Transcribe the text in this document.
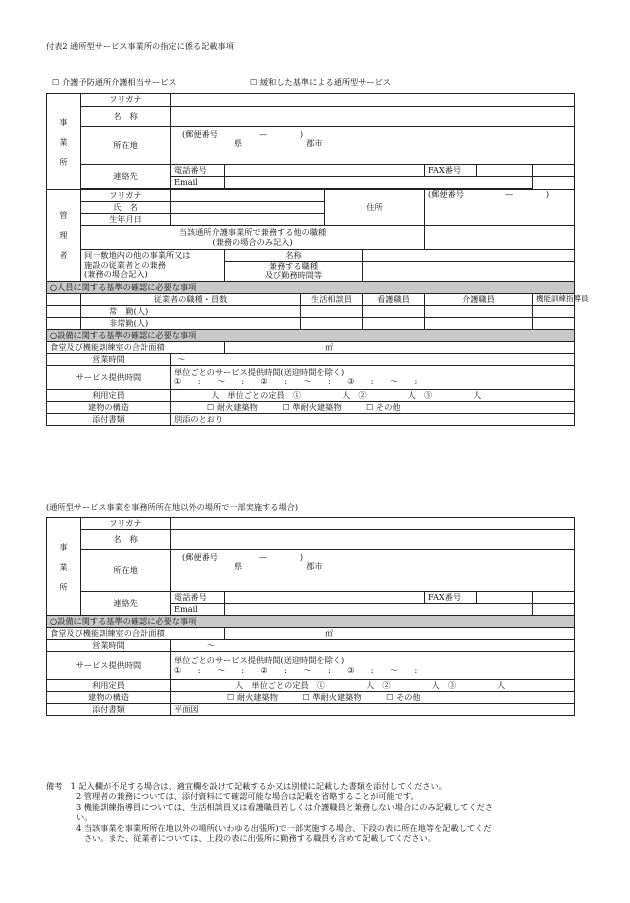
付表2 通所型サービス事業所の指定に係る記載事項
☐ 介護予防通所介護相当サービス	☐ 緩和した基準による通所型サービス
事
業
所	フリガナ								
	名　称								
	所在地	(郵便番号　　　　　—　　　　)
県 郡市							

	連絡先	電話番号					FAX番号		
		Email							

管
理
者	フリガナ				住所		(郵便番号　　　　　—　　　　)		
	氏　名								
	生年月日								

	当該通所介護事業所で兼務する他の職種
(兼務の場合のみ記入)								

	同一敷地内の他の事業所又は
施設の従業者との兼務
(兼務の場合記入)		名称						

			兼務する職種
及び勤務時間等						

○人員に関する基準の確認に必要な事項									
	従業者の職種・員数			生活相談員		看護職員	介護職員		機能訓練指導員
	常　勤(人)								
	非常勤(人)								
○設備に関する基準の確認に必要な事項									
食堂及び機能訓練室の合計面積			㎡						
営業時間		〜							
サービス提供時間		単位ごとのサービス提供時間(送迎時間を除く)
①　　:　　〜　　:　　②　　:　　〜　　:　　③　　:　　〜　　:							

利用定員		人　単位ごとの定員　①　　　　　人　②　　　　　人　③　　　　　人							
建物の構造		☐ 耐火建築物　　　☐ 準耐火建築物　　　☐ その他							
添付書類		別添のとおり							
(通所型サービス事業を事務所所在地以外の場所で一部実施する場合)
事
業
所	フリガナ					
	名　称					
	所在地	(郵便番号　　　　　—　　　　)
県 郡市				

	連絡先	電話番号		FAX番号		
		Email				
○設備に関する基準の確認に必要な事項						
食堂及び機能訓練室の合計面積			㎡			
営業時間		〜				
サービス提供時間		単位ごとのサービス提供時間(送迎時間を除く)
①　　:　　〜　　:　　②　　:　　〜　　:　　③　　:　　〜　　:				

利用定員		人　単位ごとの定員　①　　　　　人　②　　　　　人　③　　　　　人				
建物の構造		☐ 耐火建築物　　　☐ 準耐火建築物　　　☐ その他				
添付書類		平面図				
備考　 1 記入欄が不足する場合は、適宜欄を設けて記載するか又は別様に記載した書類を添付してください。
2 管理者の兼務については、添付資料にて確認可能な場合は記載を省略することが可能です。
3 機能訓練指導員については、生活相談員又は看護職員若しくは介護職員と兼務しない場合にのみ記載してくださ
い。
4 当該事業を事業所所在地以外の場所(いわゆる出張所)で一部実施する場合、下段の表に所在地等を記載してくだ
さい。また、従業者については、上段の表に出張所に勤務する職員も含めて記載してください。
